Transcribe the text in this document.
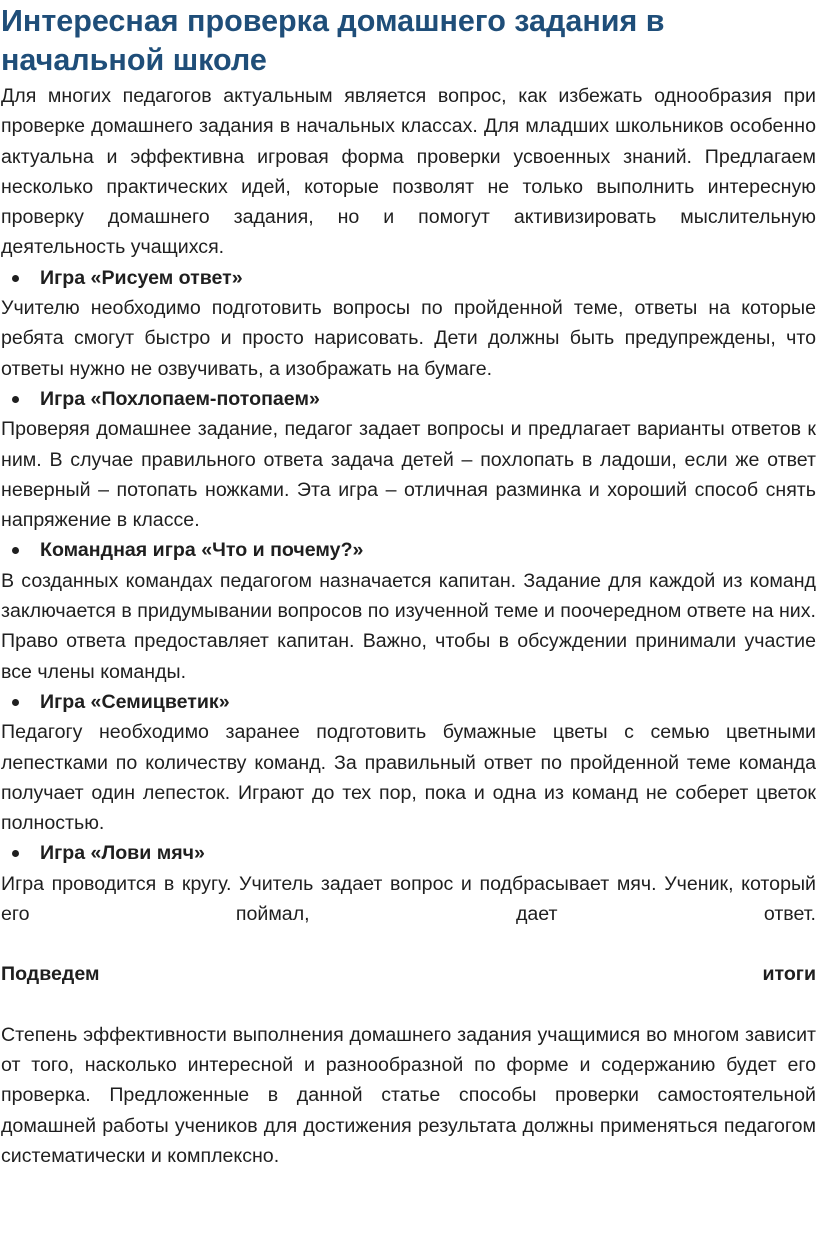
Интересная проверка домашнего задания в начальной школе

Для многих педагогов актуальным является вопрос, как избежать однообразия при проверке домашнего задания в начальных классах. Для младших школьников особенно актуальна и эффективна игровая форма проверки усвоенных знаний. Предлагаем несколько практических идей, которые позволят не только выполнить интересную проверку домашнего задания, но и помогут активизировать мыслительную деятельность учащихся.

Игра «Рисуем ответ»

Учителю необходимо подготовить вопросы по пройденной теме, ответы на которые ребята смогут быстро и просто нарисовать. Дети должны быть предупреждены, что ответы нужно не озвучивать, а изображать на бумаге.

Игра «Похлопаем-потопаем»

Проверяя домашнее задание, педагог задает вопросы и предлагает варианты ответов к ним. В случае правильного ответа задача детей – похлопать в ладоши, если же ответ неверный – потопать ножками. Эта игра – отличная разминка и хороший способ снять напряжение в классе.

Командная игра «Что и почему?»

В созданных командах педагогом назначается капитан. Задание для каждой из команд заключается в придумывании вопросов по изученной теме и поочередном ответе на них. Право ответа предоставляет капитан. Важно, чтобы в обсуждении принимали участие все члены команды.

Игра «Семицветик»

Педагогу необходимо заранее подготовить бумажные цветы с семью цветными лепестками по количеству команд. За правильный ответ по пройденной теме команда получает один лепесток. Играют до тех пор, пока и одна из команд не соберет цветок полностью.

Игра «Лови мяч»

Игра проводится в кругу. Учитель задает вопрос и подбрасывает мяч. Ученик, который его поймал, дает ответ.

Подведем	итоги

Степень эффективности выполнения домашнего задания учащимися во многом зависит от того, насколько интересной и разнообразной по форме и содержанию будет его проверка. Предложенные в данной статье способы проверки самостоятельной домашней работы учеников для достижения результата должны применяться педагогом систематически и комплексно.
